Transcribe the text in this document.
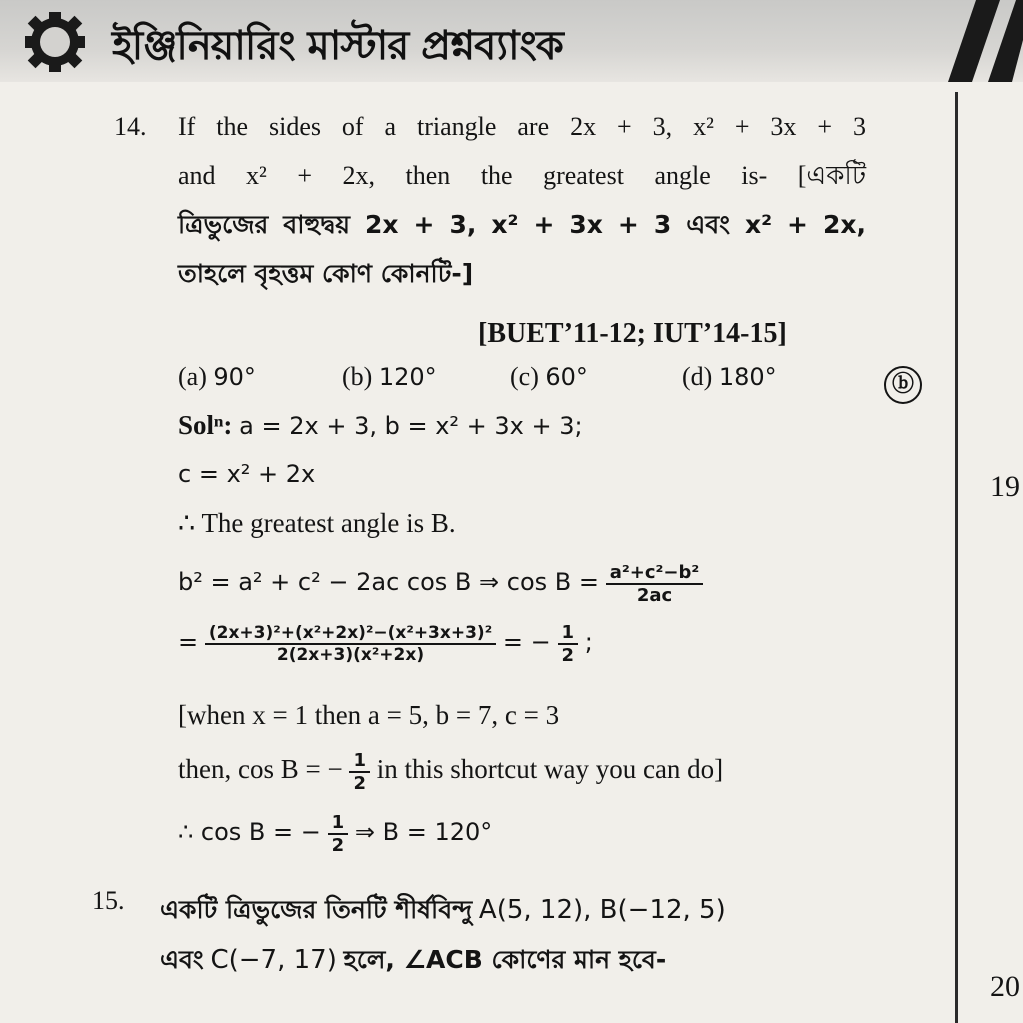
ইঞ্জিনিয়ারিং মাস্টার প্রশ্নব্যাংক
19
20
14. If the sides of a triangle are 2x + 3, x² + 3x + 3
and x² + 2x, then the greatest angle is- [একটি
ত্রিভুজের বাহুদ্বয় 2x + 3, x² + 3x + 3 এবং x² + 2x,
তাহলে বৃহত্তম কোণ কোনটি-]
[BUET’11-12; IUT’14-15]
(a) 90°	(b) 120°	(c) 60°	(d) 180°	ⓑ
Solⁿ: a = 2x + 3, b = x² + 3x + 3;
c = x² + 2x
∴ The greatest angle is B.
b² = a² + c² − 2ac cos B ⇒ $\cos B = \frac{\text{a²+c²−b²}}{2ac}$
= $\frac{\text{(2x+3)²+(x²+2x)²−(x²+3x+3)²}}{\text{2(2x+3)(x²+2x)}}$ = − $\frac{1}{2}$ ;
[when x = 1 then a = 5, b = 7, c = 3
then, cos B = − $\frac{1}{2}$ in this shortcut way you can do]
∴ cos B = − $\frac{1}{2}$ ⇒ B = 120°
15. একটি ত্রিভুজের তিনটি শীর্ষবিন্দু A(5, 12), B(−12, 5)
এবং C(−7, 17) হলে, ∠ACB কোণের মান হবে-
